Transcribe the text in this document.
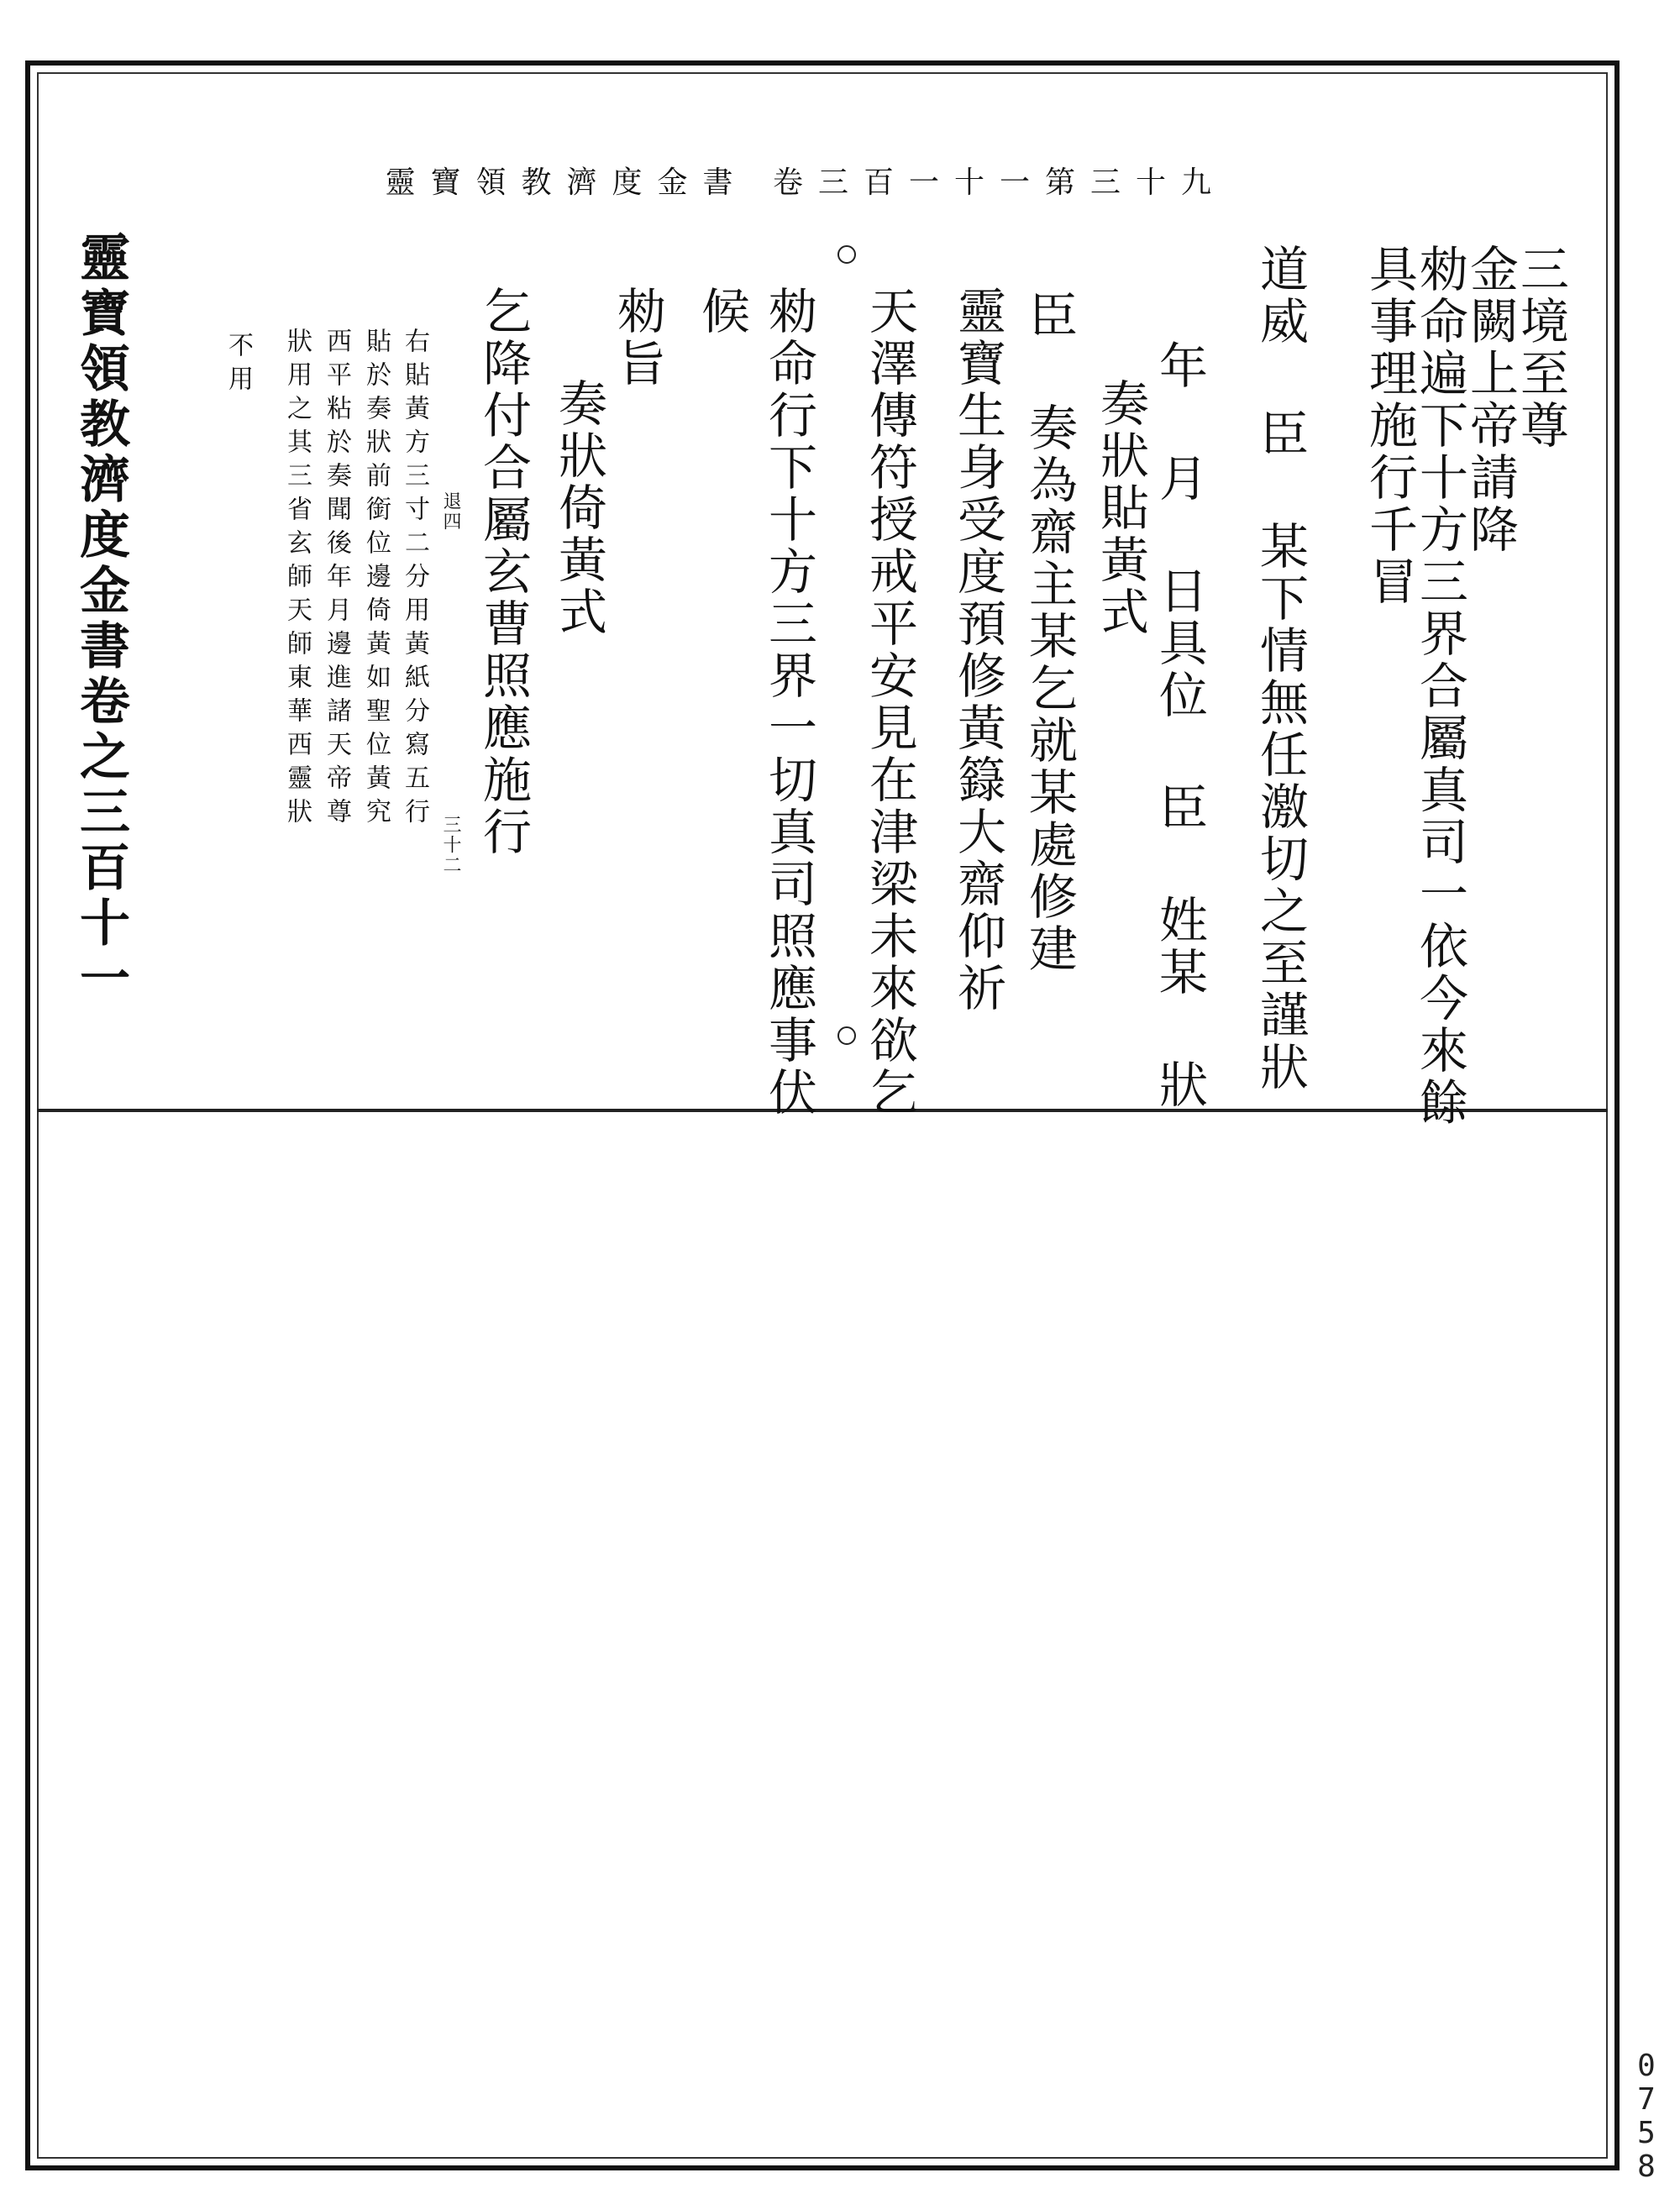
靈寶領教濟度金書 卷三百一十一第三十九
三境至尊
金闕上帝請降
勑命遍下十方三界合屬真司一依今來餘
具事理施行千冒
道威 臣 某下情無任激切之至謹狀
年 月 日具位 臣 姓某 狀
奏狀貼黃式
臣 奏為齋主某乞就某處修建
靈寶生身受度預修黃籙大齋仰祈
天澤傳符授戒平安見在津梁未來欲乞
勑命行下十方三界一切真司照應事伏
候
勑旨
奏狀倚黃式
乞降付合屬玄曹照應施行
退四
三十二
右貼黃方三寸二分用黃紙分寫五行
貼於奏狀前銜位邊倚黃如聖位黃究
西平粘於奏聞後年月邊進諸天帝尊
狀用之其三省玄師天師東華西靈狀
不用
靈寶領教濟度金書卷之三百十一
0
7
5
8
